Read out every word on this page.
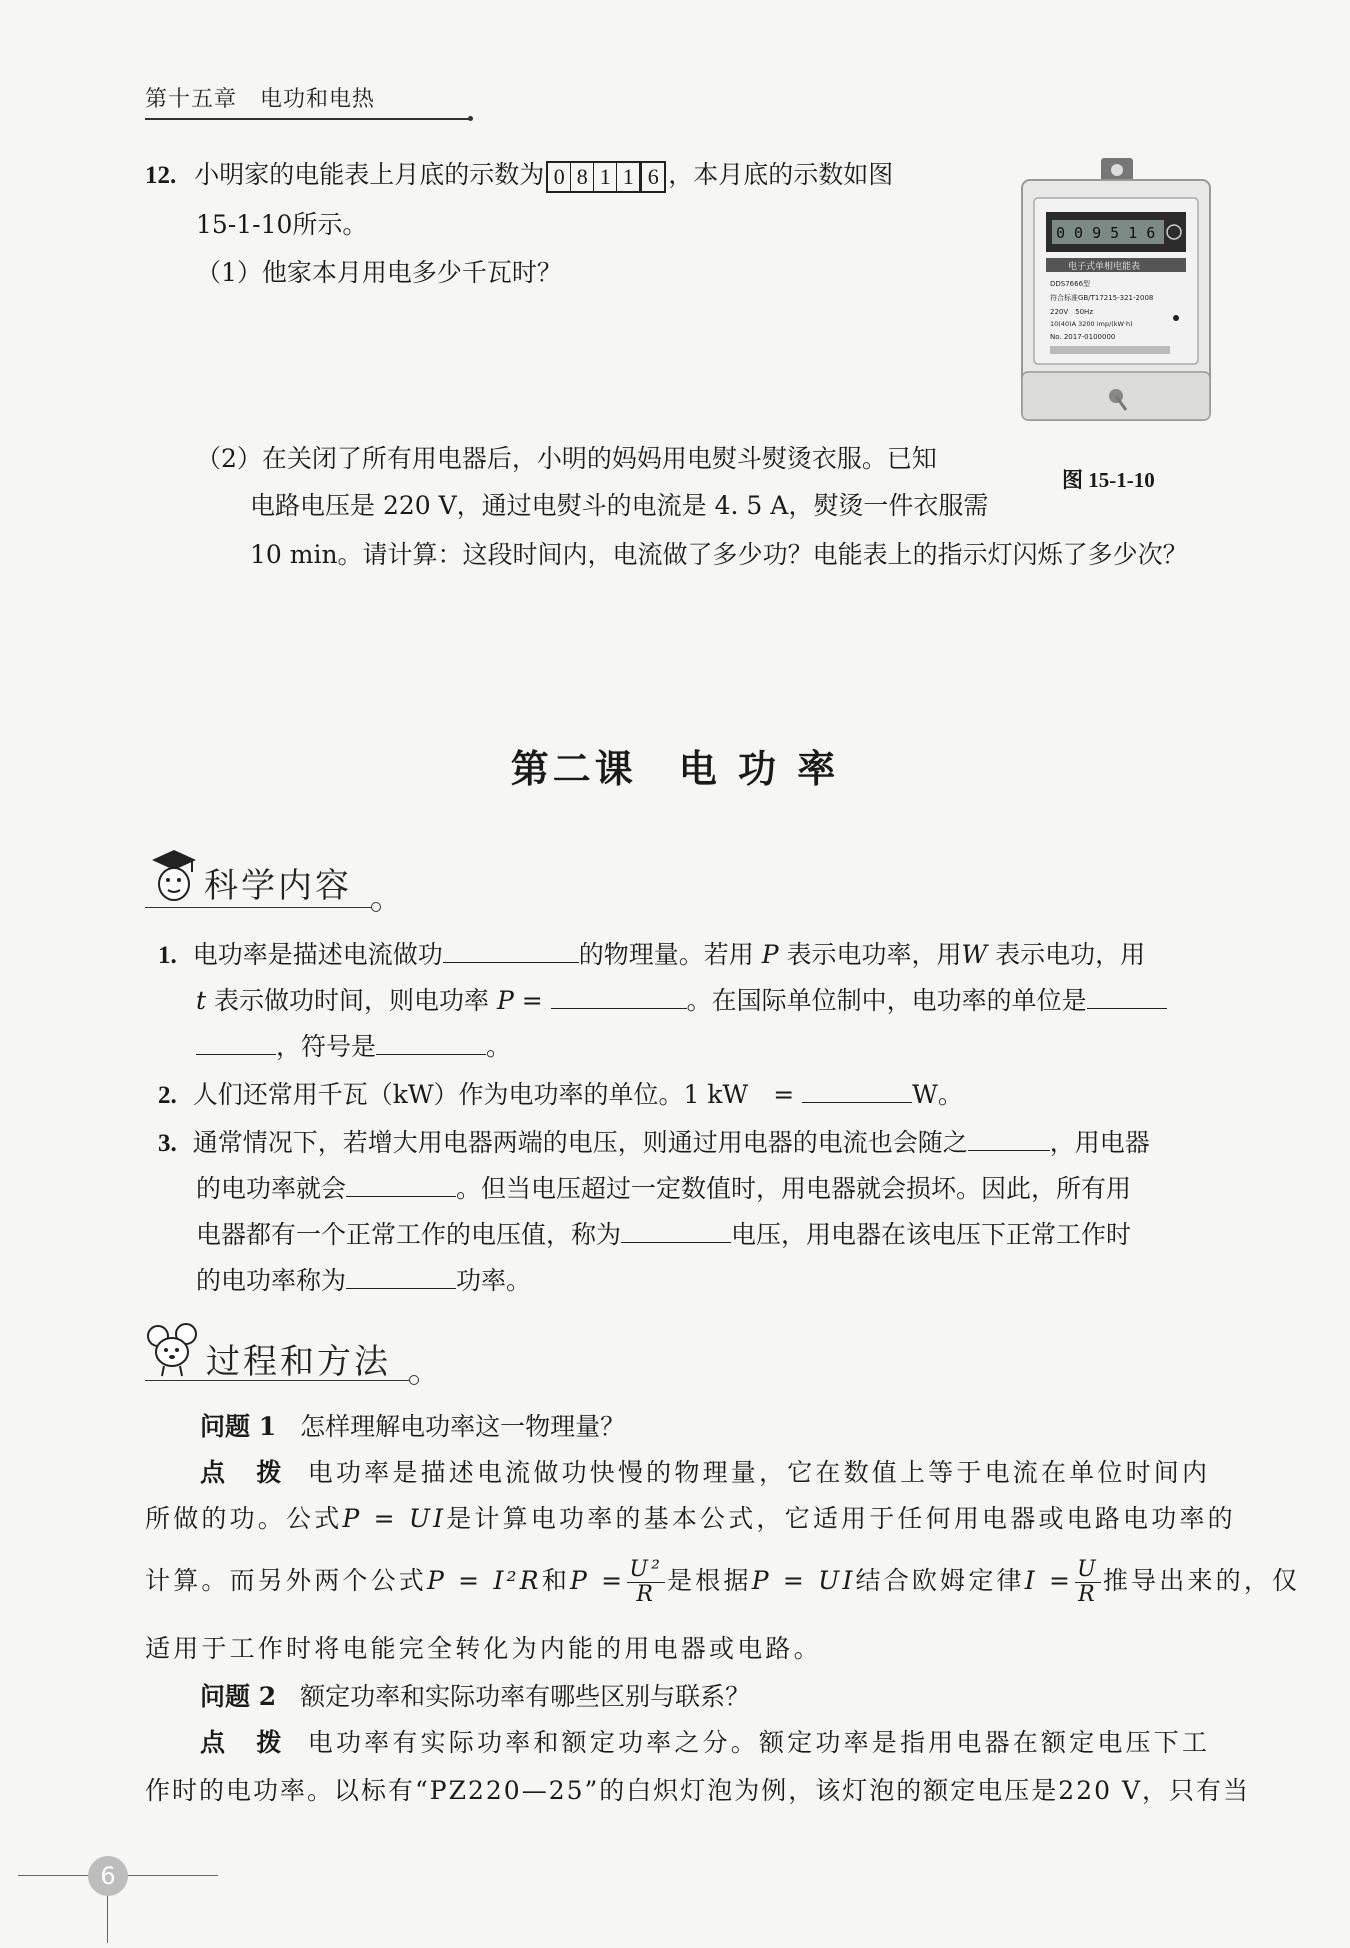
第十五章　电功和电热
12. 小明家的电能表上月底的示数为 0 8 1 1 6 ，本月底的示数如图
15-1-10所示。
（1）他家本月用电多少千瓦时？
（2）在关闭了所有用电器后，小明的妈妈用电熨斗熨烫衣服。已知
电路电压是 220 V，通过电熨斗的电流是 4. 5 A，熨烫一件衣服需
10 min。请计算：这段时间内，电流做了多少功？电能表上的指示灯闪烁了多少次？
0 0 9 5 1 6
电子式单相电能表
DDS7666型
符合标准GB/T17215-321-2008
220V　50Hz
10(40)A 3200 imp/(kW·h)
No. 2017-0100000
图 15-1-10
第二课　电 功 率
科学内容
1. 电功率是描述电流做功	的物理量。若用 P 表示电功率，用W 表示电功，用
t 表示做功时间，则电功率 P =	。在国际单位制中，电功率的单位是
，符号是	。
2. 人们还常用千瓦（kW）作为电功率的单位。1 kW　=	W。
3. 通常情况下，若增大用电器两端的电压，则通过用电器的电流也会随之	，用电器
的电功率就会	。但当电压超过一定数值时，用电器就会损坏。因此，所有用
电器都有一个正常工作的电压值，称为	电压，用电器在该电压下正常工作时
的电功率称为	功率。
过程和方法
问题 1 怎样理解电功率这一物理量？
点　拨 电功率是描述电流做功快慢的物理量，它在数值上等于电流在单位时间内
所做的功。公式P = UI是计算电功率的基本公式，它适用于任何用电器或电路电功率的
计算。而另外两个公式P = I²R和$P = \frac{\text{U²}}{R}$ 是根据P = UI结合欧姆定律$I = \frac{U}{R}$ 推导出来的，仅
适用于工作时将电能完全转化为内能的用电器或电路。
问题 2 额定功率和实际功率有哪些区别与联系？
点　拨 电功率有实际功率和额定功率之分。额定功率是指用电器在额定电压下工
作时的电功率。以标有“PZ220—25”的白炽灯泡为例，该灯泡的额定电压是220 V，只有当
6
